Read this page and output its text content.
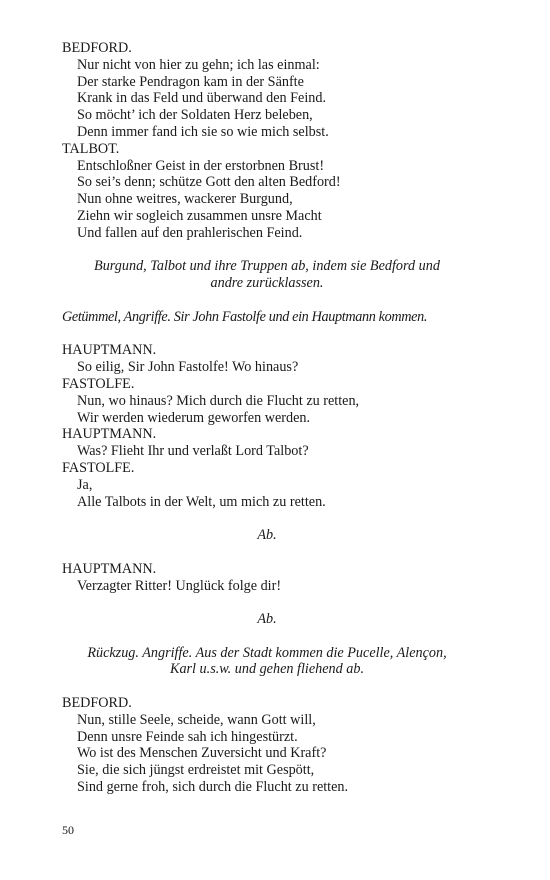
BEDFORD.
Nur nicht von hier zu gehn; ich las einmal:
Der starke Pendragon kam in der Sänfte
Krank in das Feld und überwand den Feind.
So möcht’ ich der Soldaten Herz beleben,
Denn immer fand ich sie so wie mich selbst.
TALBOT.
Entschloßner Geist in der erstorbnen Brust!
So sei’s denn; schütze Gott den alten Bedford!
Nun ohne weitres, wackerer Burgund,
Ziehn wir sogleich zusammen unsre Macht
Und fallen auf den prahlerischen Feind.
Burgund, Talbot und ihre Truppen ab, indem sie Bedford und
andre zurücklassen.
Getümmel, Angriffe. Sir John Fastolfe und ein Hauptmann kommen.
HAUPTMANN.
So eilig, Sir John Fastolfe! Wo hinaus?
FASTOLFE.
Nun, wo hinaus? Mich durch die Flucht zu retten,
Wir werden wiederum geworfen werden.
HAUPTMANN.
Was? Flieht Ihr und verlaßt Lord Talbot?
FASTOLFE.
Ja,
Alle Talbots in der Welt, um mich zu retten.
Ab.
HAUPTMANN.
Verzagter Ritter! Unglück folge dir!
Ab.
Rückzug. Angriffe. Aus der Stadt kommen die Pucelle, Alençon,
Karl u.s.w. und gehen fliehend ab.
BEDFORD.
Nun, stille Seele, scheide, wann Gott will,
Denn unsre Feinde sah ich hingestürzt.
Wo ist des Menschen Zuversicht und Kraft?
Sie, die sich jüngst erdreistet mit Gespött,
Sind gerne froh, sich durch die Flucht zu retten.
50
